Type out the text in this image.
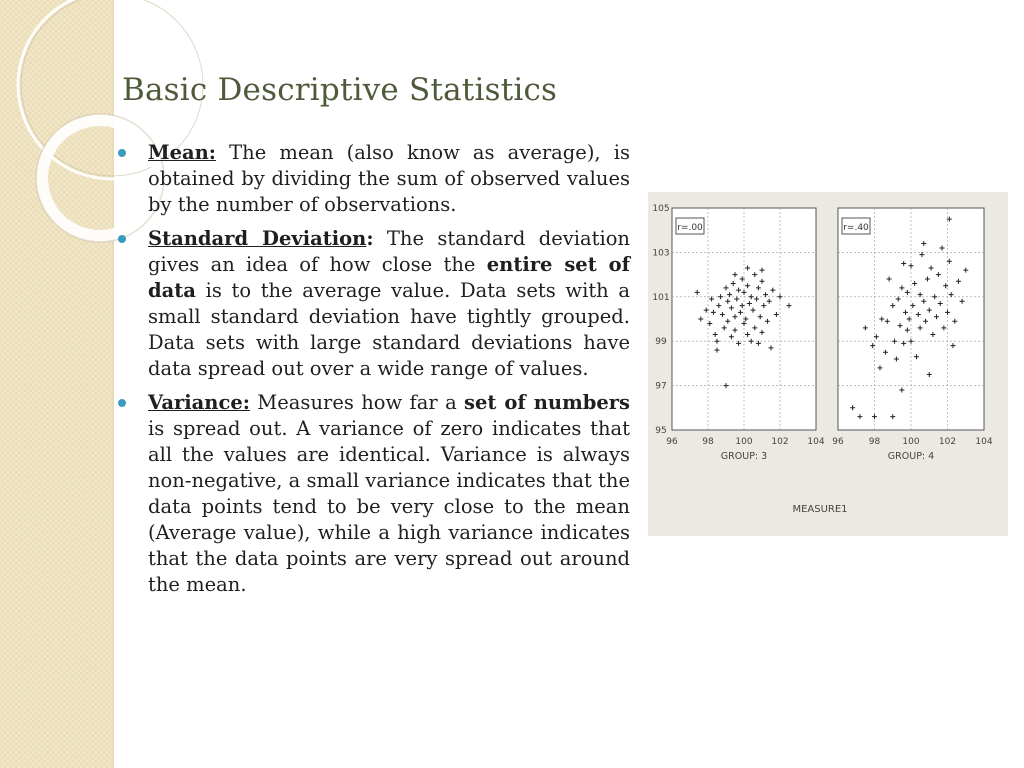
Basic Descriptive Statistics
Mean: The mean (also know as average), is obtained by dividing the sum of observed values by the number of observations.
Standard Deviation: The standard deviation gives an idea of how close the entire set of data is to the average value. Data sets with a small standard deviation have tightly grouped. Data sets with large standard deviations have data spread out over a wide range of values.
Variance: Measures how far a set of numbers is spread out. A variance of zero indicates that all the values are identical. Variance is always non-negative, a small variance indicates that the data points tend to be very close to the mean (Average value), while a high variance indicates that the data points are very spread out around the mean.
r=.00
96	98 100 102 104
GROUP: 3
r=.40
96	98 100 102 104
GROUP: 4
105
103
101
99
97
95
MEASURE1
